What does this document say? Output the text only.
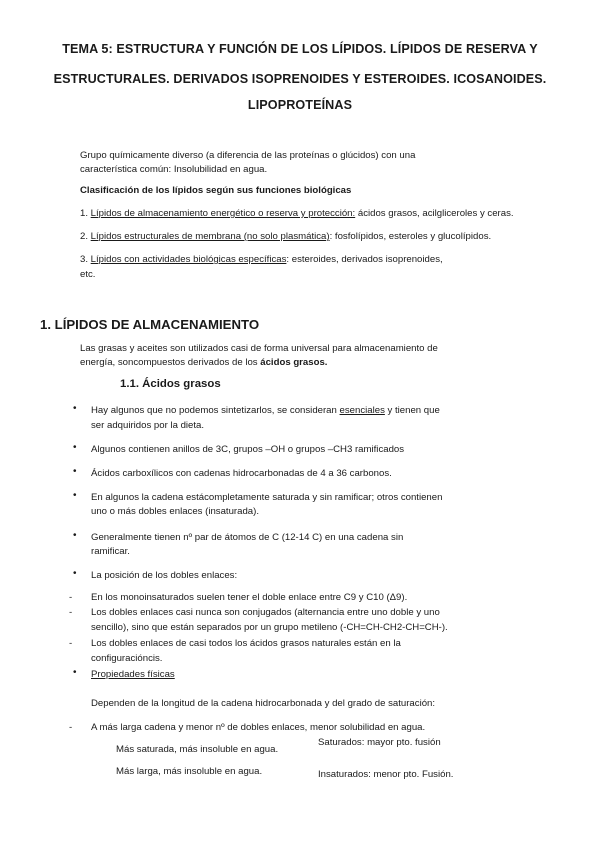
TEMA 5: ESTRUCTURA Y FUNCIÓN DE LOS LÍPIDOS. LÍPIDOS DE RESERVA Y
ESTRUCTURALES. DERIVADOS ISOPRENOIDES Y ESTEROIDES. ICOSANOIDES.
LIPOPROTEÍNAS
Grupo químicamente diverso (a diferencia de las proteínas o glúcidos) con una
característica común: Insolubilidad en agua.
Clasificación de los lípidos según sus funciones biológicas
1. Lípidos de almacenamiento energético o reserva y protección: ácidos grasos, acilgliceroles y ceras.
2. Lípidos estructurales de membrana (no solo plasmática): fosfolípidos, esteroles y glucolípidos.
3. Lípidos con actividades biológicas específicas: esteroides, derivados isoprenoides,
etc.
1. LÍPIDOS DE ALMACENAMIENTO
Las grasas y aceites son utilizados casi de forma universal para almacenamiento de
energía, soncompuestos derivados de los ácidos grasos.
1.1. Ácidos grasos
• Hay algunos que no podemos sintetizarlos, se consideran esenciales y tienen que
ser adquiridos por la dieta.
• Algunos contienen anillos de 3C, grupos –OH o grupos –CH3 ramificados
• Ácidos carboxílicos con cadenas hidrocarbonadas de 4 a 36 carbonos.
• En algunos la cadena estácompletamente saturada y sin ramificar; otros contienen
uno o más dobles enlaces (insaturada).
• Generalmente tienen nº par de átomos de C (12-14 C) en una cadena sin
ramificar.
• La posición de los dobles enlaces:
- En los monoinsaturados suelen tener el doble enlace entre C9 y C10 (Δ9).
- Los dobles enlaces casi nunca son conjugados (alternancia entre uno doble y uno
sencillo), sino que están separados por un grupo metileno (-CH=CH-CH2-CH=CH-).
- Los dobles enlaces de casi todos los ácidos grasos naturales están en la
configuracióncis.
• Propiedades físicas
Dependen de la longitud de la cadena hidrocarbonada y del grado de saturación:
- A más larga cadena y menor nº de dobles enlaces, menor solubilidad en agua.
Saturados: mayor pto. fusión
Más saturada, más insoluble en agua.
Más larga, más insoluble en agua.	Insaturados: menor pto. Fusión.
